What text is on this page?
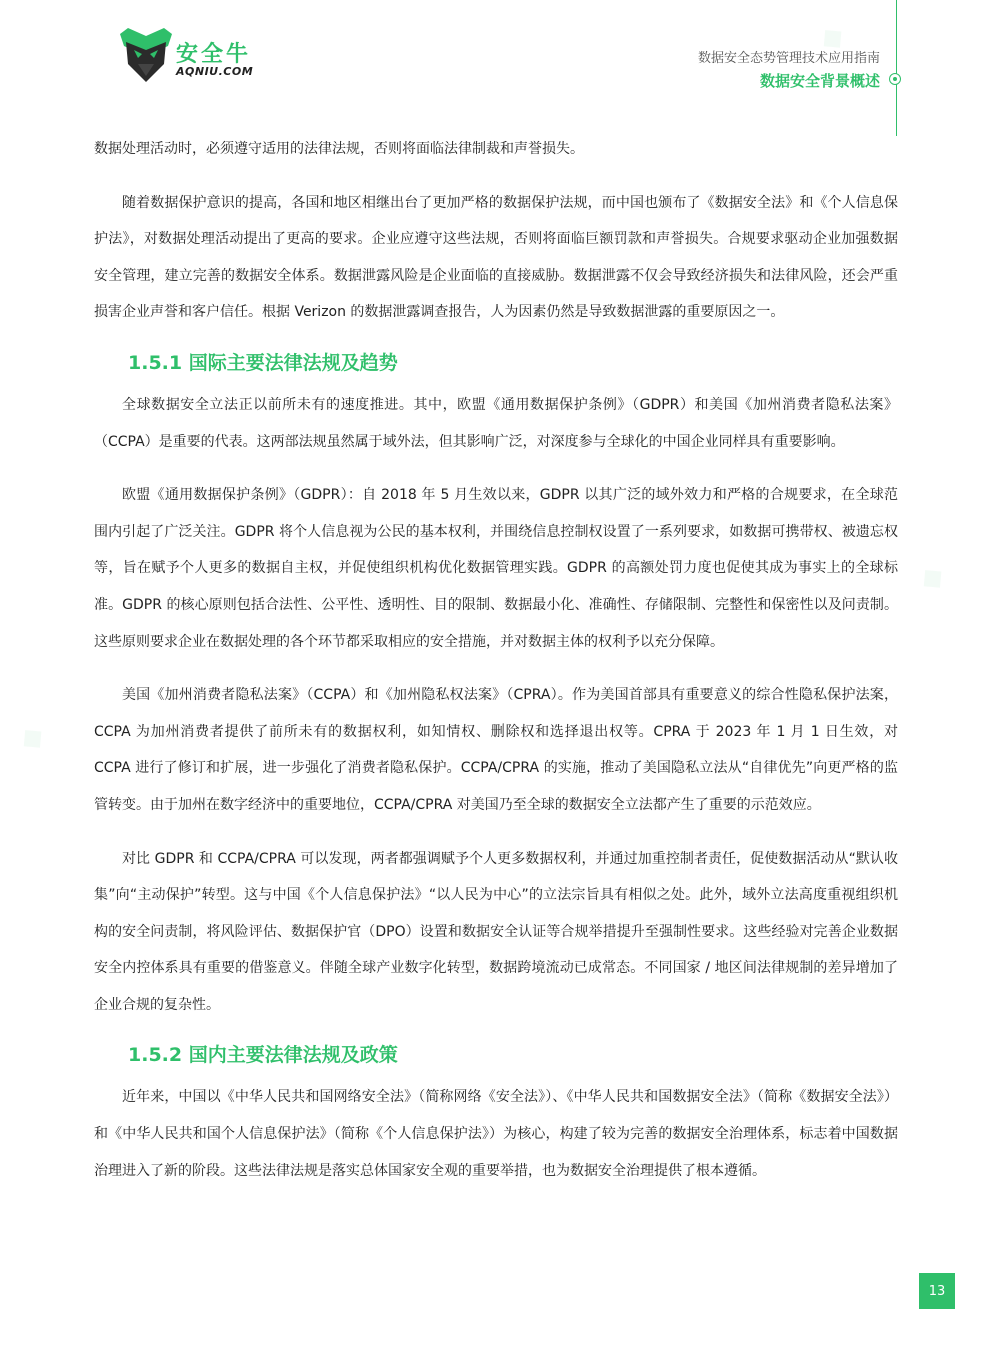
◆
◆
◆
安全牛
AQNIU.COM
数据安全态势管理技术应用指南
数据安全背景概述

数据处理活动时，必须遵守适用的法律法规，否则将面临法律制裁和声誉损失。

随着数据保护意识的提高，各国和地区相继出台了更加严格的数据保护法规，而中国也颁布了《数据安全法》和《个人信息保护法》，对数据处理活动提出了更高的要求。企业应遵守这些法规，否则将面临巨额罚款和声誉损失。合规要求驱动企业加强数据安全管理，建立完善的数据安全体系。数据泄露风险是企业面临的直接威胁。数据泄露不仅会导致经济损失和法律风险，还会严重损害企业声誉和客户信任。根据 Verizon 的数据泄露调查报告，人为因素仍然是导致数据泄露的重要原因之一。

1.5.1 国际主要法律法规及趋势

全球数据安全立法正以前所未有的速度推进。其中，欧盟《通用数据保护条例》（GDPR）和美国《加州消费者隐私法案》（CCPA）是重要的代表。这两部法规虽然属于域外法，但其影响广泛，对深度参与全球化的中国企业同样具有重要影响。

欧盟《通用数据保护条例》（GDPR）：自 2018 年 5 月生效以来，GDPR 以其广泛的域外效力和严格的合规要求，在全球范围内引起了广泛关注。GDPR 将个人信息视为公民的基本权利，并围绕信息控制权设置了一系列要求，如数据可携带权、被遗忘权等，旨在赋予个人更多的数据自主权，并促使组织机构优化数据管理实践。GDPR 的高额处罚力度也促使其成为事实上的全球标准。GDPR 的核心原则包括合法性、公平性、透明性、目的限制、数据最小化、准确性、存储限制、完整性和保密性以及问责制。这些原则要求企业在数据处理的各个环节都采取相应的安全措施，并对数据主体的权利予以充分保障。

美国《加州消费者隐私法案》（CCPA）和《加州隐私权法案》（CPRA）。作为美国首部具有重要意义的综合性隐私保护法案，CCPA 为加州消费者提供了前所未有的数据权利，如知情权、删除权和选择退出权等。CPRA 于 2023 年 1 月 1 日生效，对 CCPA 进行了修订和扩展，进一步强化了消费者隐私保护。CCPA/CPRA 的实施，推动了美国隐私立法从“自律优先”向更严格的监管转变。由于加州在数字经济中的重要地位，CCPA/CPRA 对美国乃至全球的数据安全立法都产生了重要的示范效应。

对比 GDPR 和 CCPA/CPRA 可以发现，两者都强调赋予个人更多数据权利，并通过加重控制者责任，促使数据活动从“默认收集”向“主动保护”转型。这与中国《个人信息保护法》“以人民为中心”的立法宗旨具有相似之处。此外，域外立法高度重视组织机构的安全问责制，将风险评估、数据保护官（DPO）设置和数据安全认证等合规举措提升至强制性要求。这些经验对完善企业数据安全内控体系具有重要的借鉴意义。伴随全球产业数字化转型，数据跨境流动已成常态。不同国家 / 地区间法律规制的差异增加了企业合规的复杂性。

1.5.2 国内主要法律法规及政策

近年来，中国以《中华人民共和国网络安全法》（简称网络《安全法》）、《中华人民共和国数据安全法》（简称《数据安全法》）和《中华人民共和国个人信息保护法》（简称《个人信息保护法》）为核心，构建了较为完善的数据安全治理体系，标志着中国数据治理进入了新的阶段。这些法律法规是落实总体国家安全观的重要举措，也为数据安全治理提供了根本遵循。

13
